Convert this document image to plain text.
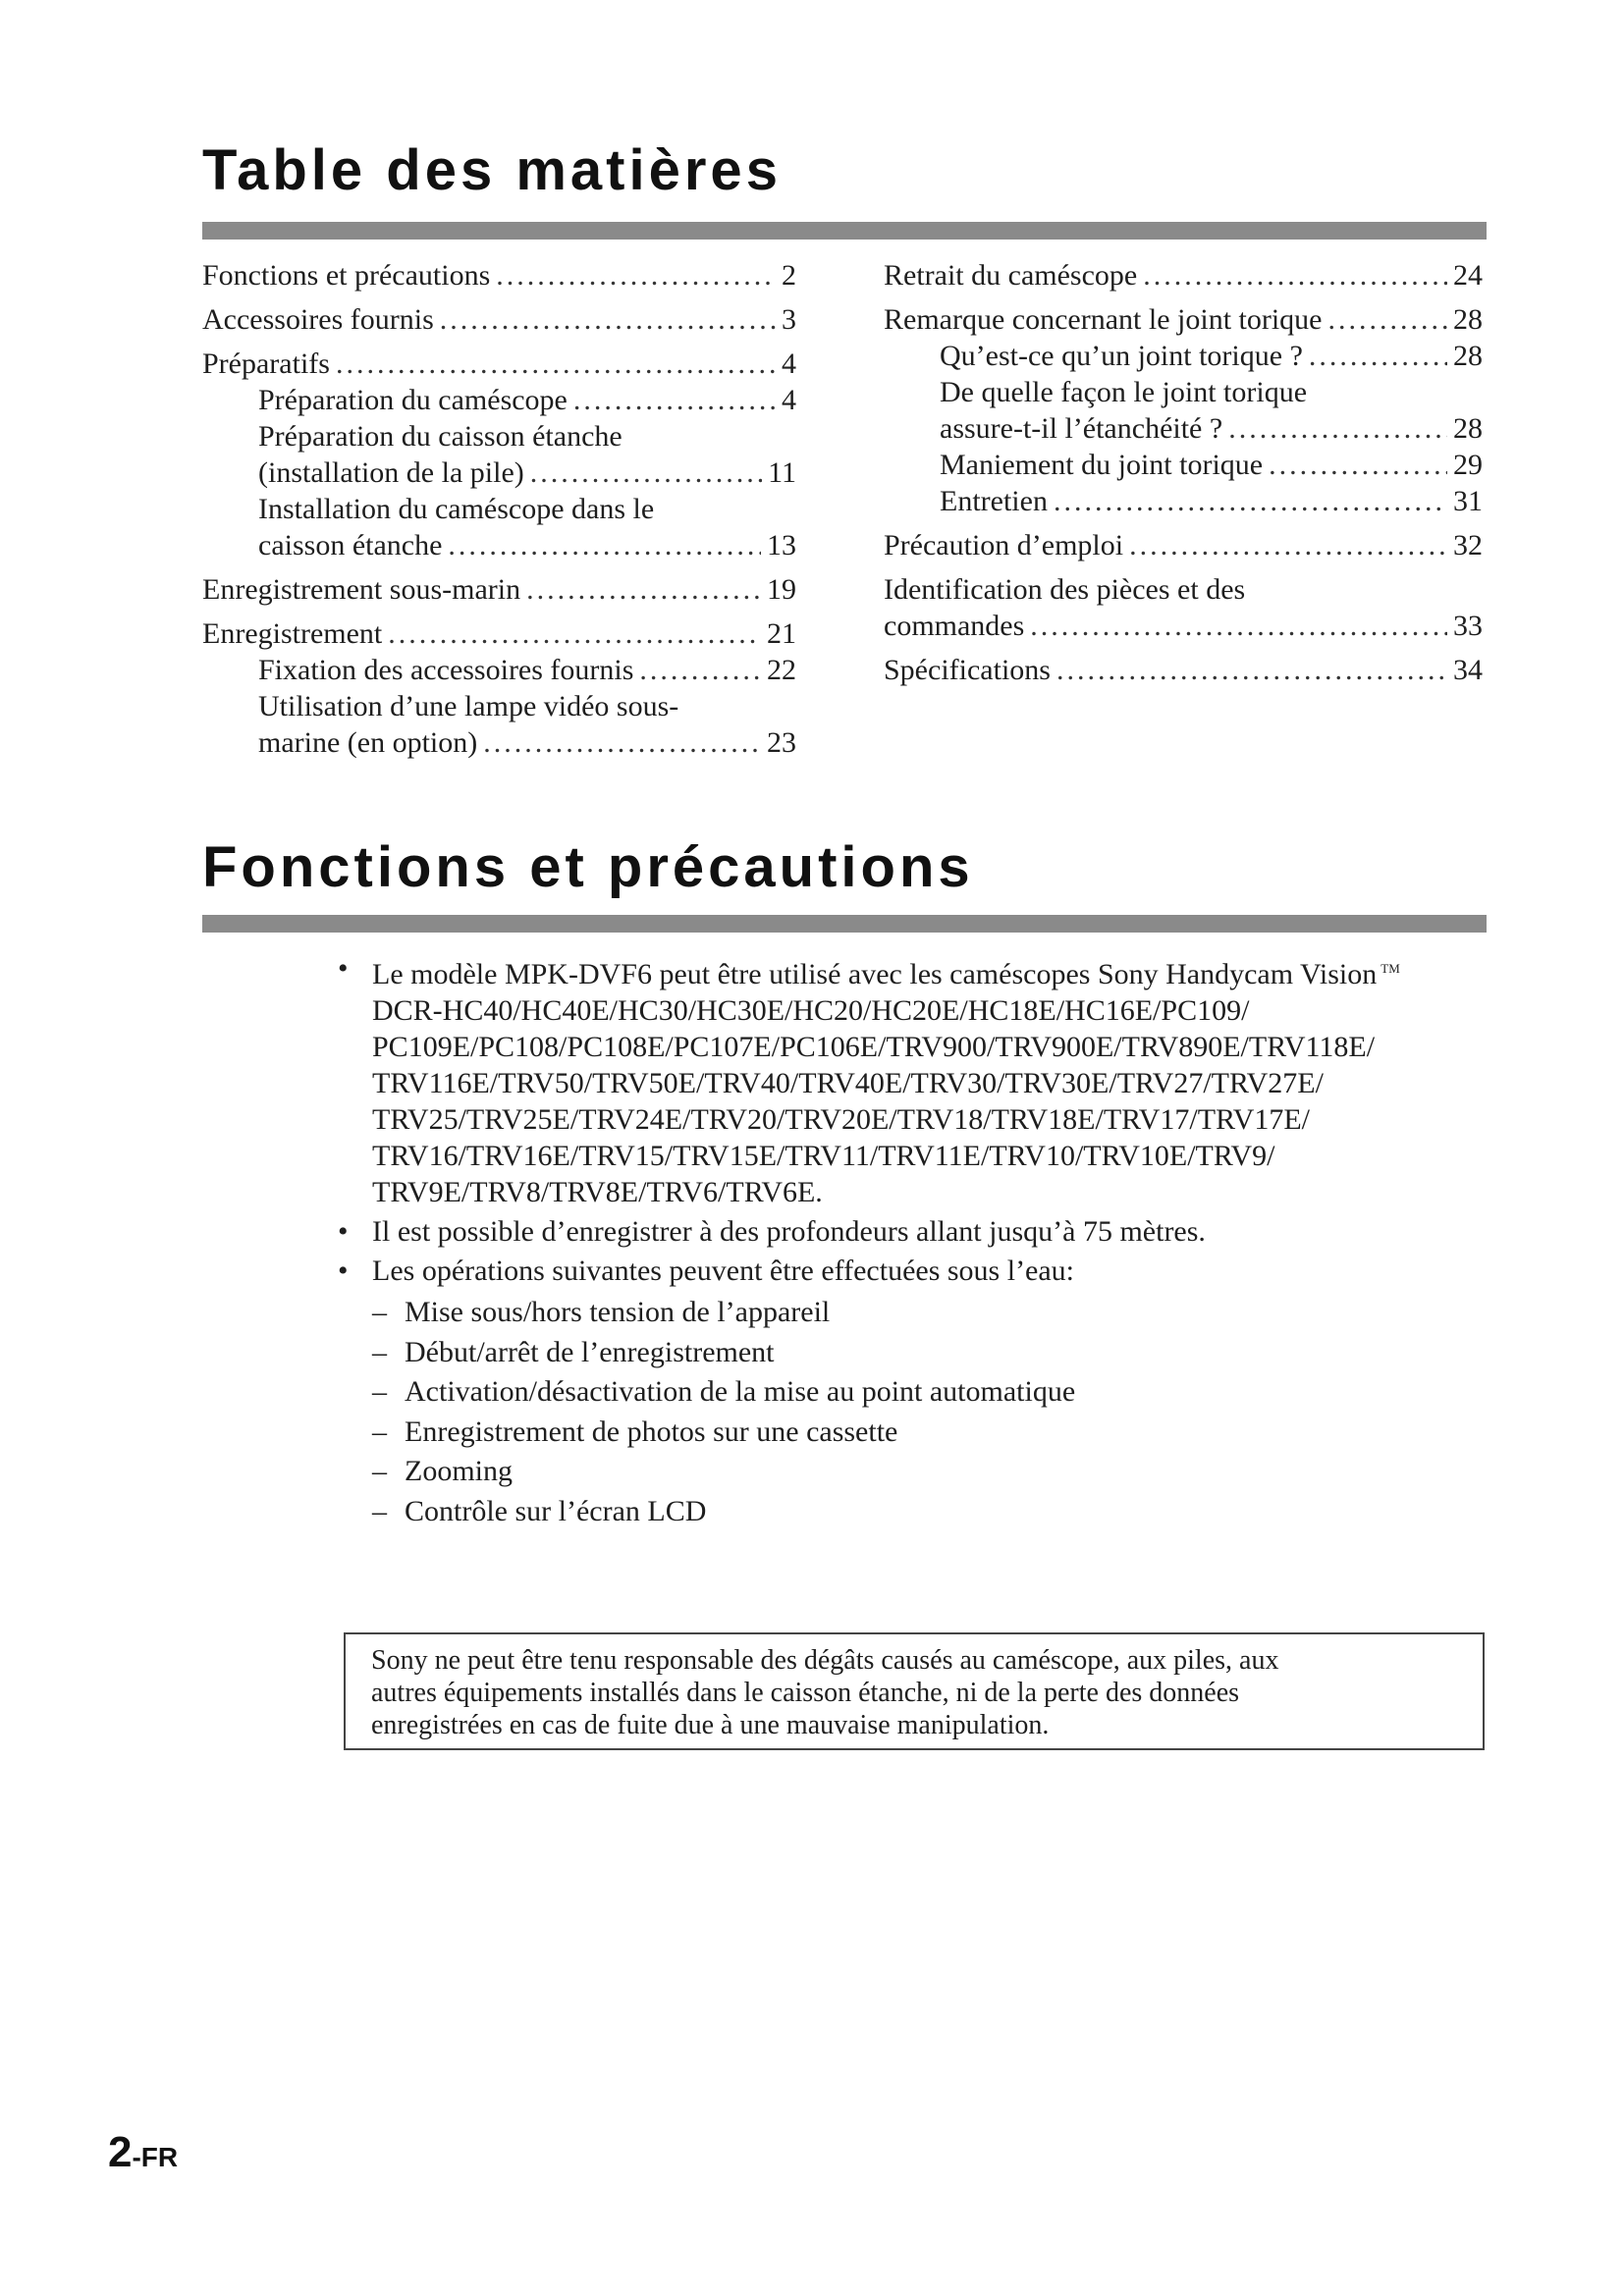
Table des matières
Fonctions et précautions .....	2
Accessoires fournis .....	3
Préparatifs .....	4
Préparation du caméscope .....	4
Préparation du caisson étanche
(installation de la pile) .....	11
Installation du caméscope dans le
caisson étanche .....	13
Enregistrement sous-marin .....	19
Enregistrement .....	21
Fixation des accessoires fournis .....	22
Utilisation d’une lampe vidéo sous-
marine (en option) .....	23
Retrait du caméscope .....	24
Remarque concernant le joint torique .....	28
Qu’est-ce qu’un joint torique ? .....	28
De quelle façon le joint torique
assure-t-il l’étanchéité ? .....	28
Maniement du joint torique .....	29
Entretien .....	31
Précaution d’emploi .....	32
Identification des pièces et des
commandes .....	33
Spécifications .....	34
Fonctions et précautions
• Le modèle MPK-DVF6 peut être utilisé avec les caméscopes Sony Handycam Vision ™
DCR-HC40/HC40E/HC30/HC30E/HC20/HC20E/HC18E/HC16E/PC109/
PC109E/PC108/PC108E/PC107E/PC106E/TRV900/TRV900E/TRV890E/TRV118E/
TRV116E/TRV50/TRV50E/TRV40/TRV40E/TRV30/TRV30E/TRV27/TRV27E/
TRV25/TRV25E/TRV24E/TRV20/TRV20E/TRV18/TRV18E/TRV17/TRV17E/
TRV16/TRV16E/TRV15/TRV15E/TRV11/TRV11E/TRV10/TRV10E/TRV9/
TRV9E/TRV8/TRV8E/TRV6/TRV6E.
• Il est possible d’enregistrer à des profondeurs allant jusqu’à 75 mètres.
• Les opérations suivantes peuvent être effectuées sous l’eau:
– Mise sous/hors tension de l’appareil
– Début/arrêt de l’enregistrement
– Activation/désactivation de la mise au point automatique
– Enregistrement de photos sur une cassette
– Zooming
– Contrôle sur l’écran LCD
Sony ne peut être tenu responsable des dégâts causés au caméscope, aux piles, aux
autres équipements installés dans le caisson étanche, ni de la perte des données
enregistrées en cas de fuite due à une mauvaise manipulation.
2-FR
